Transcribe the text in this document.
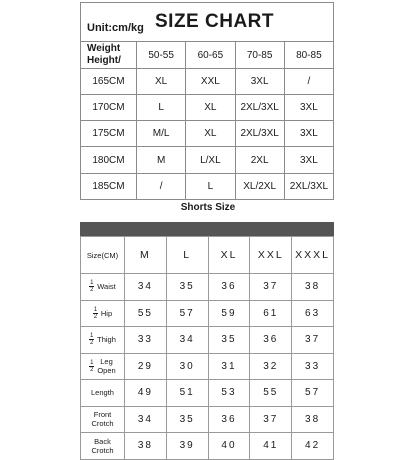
Unit:cm/kg SIZE CHART				

Weight
Height/	50-55	60-65	70-85	80-85
165CM	XL	XXL	3XL	/
170CM	L	XL	2XL/3XL	3XL
175CM	M/L	XL	2XL/3XL	3XL
180CM	M	L/XL	2XL	3XL
185CM	/	L	XL/2XL	2XL/3XL
Shorts Size
Size(CM)	M	L	XL	XXL	XXXL

$\frac{1}{2}$ Waist	34	35	36	37	38

$\frac{1}{2}$ Hip	55	57	59	61	63

$\frac{1}{2}$ Thigh	33	34	35	36	37

$\frac{1}{2}$ Leg
Open	29	30	31	32	33
Length	49	51	53	55	57

Front
Crotch	34	35	36	37	38

Back
Crotch	38	39	40	41	42
